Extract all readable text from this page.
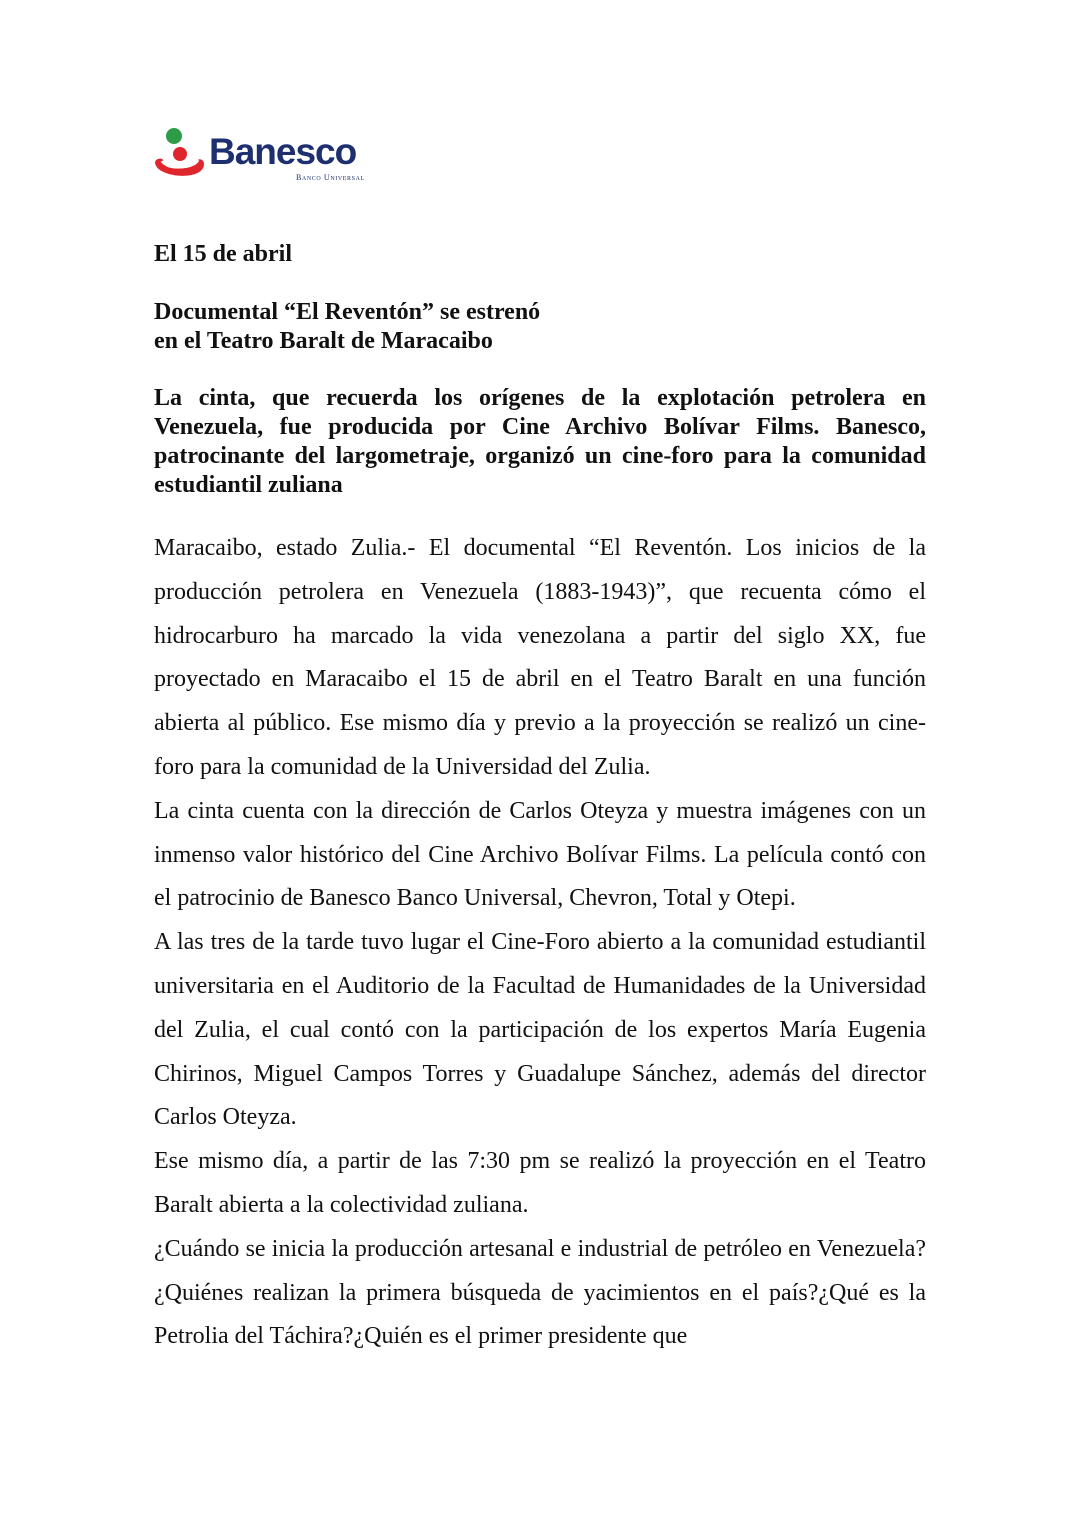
Banesco
Banco Universal
El 15 de abril
Documental “El Reventón” se estrenó
en el Teatro Baralt de Maracaibo
La cinta, que recuerda los orígenes de la explotación petrolera en Venezuela, fue producida por Cine Archivo Bolívar Films. Banesco, patrocinante del largometraje, organizó un cine-foro para la comunidad estudiantil zuliana

Maracaibo, estado Zulia.- El documental “El Reventón. Los inicios de la producción petrolera en Venezuela (1883-1943)”, que recuenta cómo el hidrocarburo ha marcado la vida venezolana a partir del siglo XX, fue proyectado en Maracaibo el 15 de abril en el Teatro Baralt en una función abierta al público. Ese mismo día y previo a la proyección se realizó un cine-foro para la comunidad de la Universidad del Zulia.

La cinta cuenta con la dirección de Carlos Oteyza y muestra imágenes con un inmenso valor histórico del Cine Archivo Bolívar Films. La película contó con el patrocinio de Banesco Banco Universal, Chevron, Total y Otepi.

A las tres de la tarde tuvo lugar el Cine-Foro abierto a la comunidad estudiantil universitaria en el Auditorio de la Facultad de Humanidades de la Universidad del Zulia, el cual contó con la participación de los expertos María Eugenia Chirinos, Miguel Campos Torres y Guadalupe Sánchez, además del director Carlos Oteyza.

Ese mismo día, a partir de las 7:30 pm se realizó la proyección en el Teatro Baralt abierta a la colectividad zuliana.

¿Cuándo se inicia la producción artesanal e industrial de petróleo en Venezuela?¿Quiénes realizan la primera búsqueda de yacimientos en el país?¿Qué es la Petrolia del Táchira?¿Quién es el primer presidente que
